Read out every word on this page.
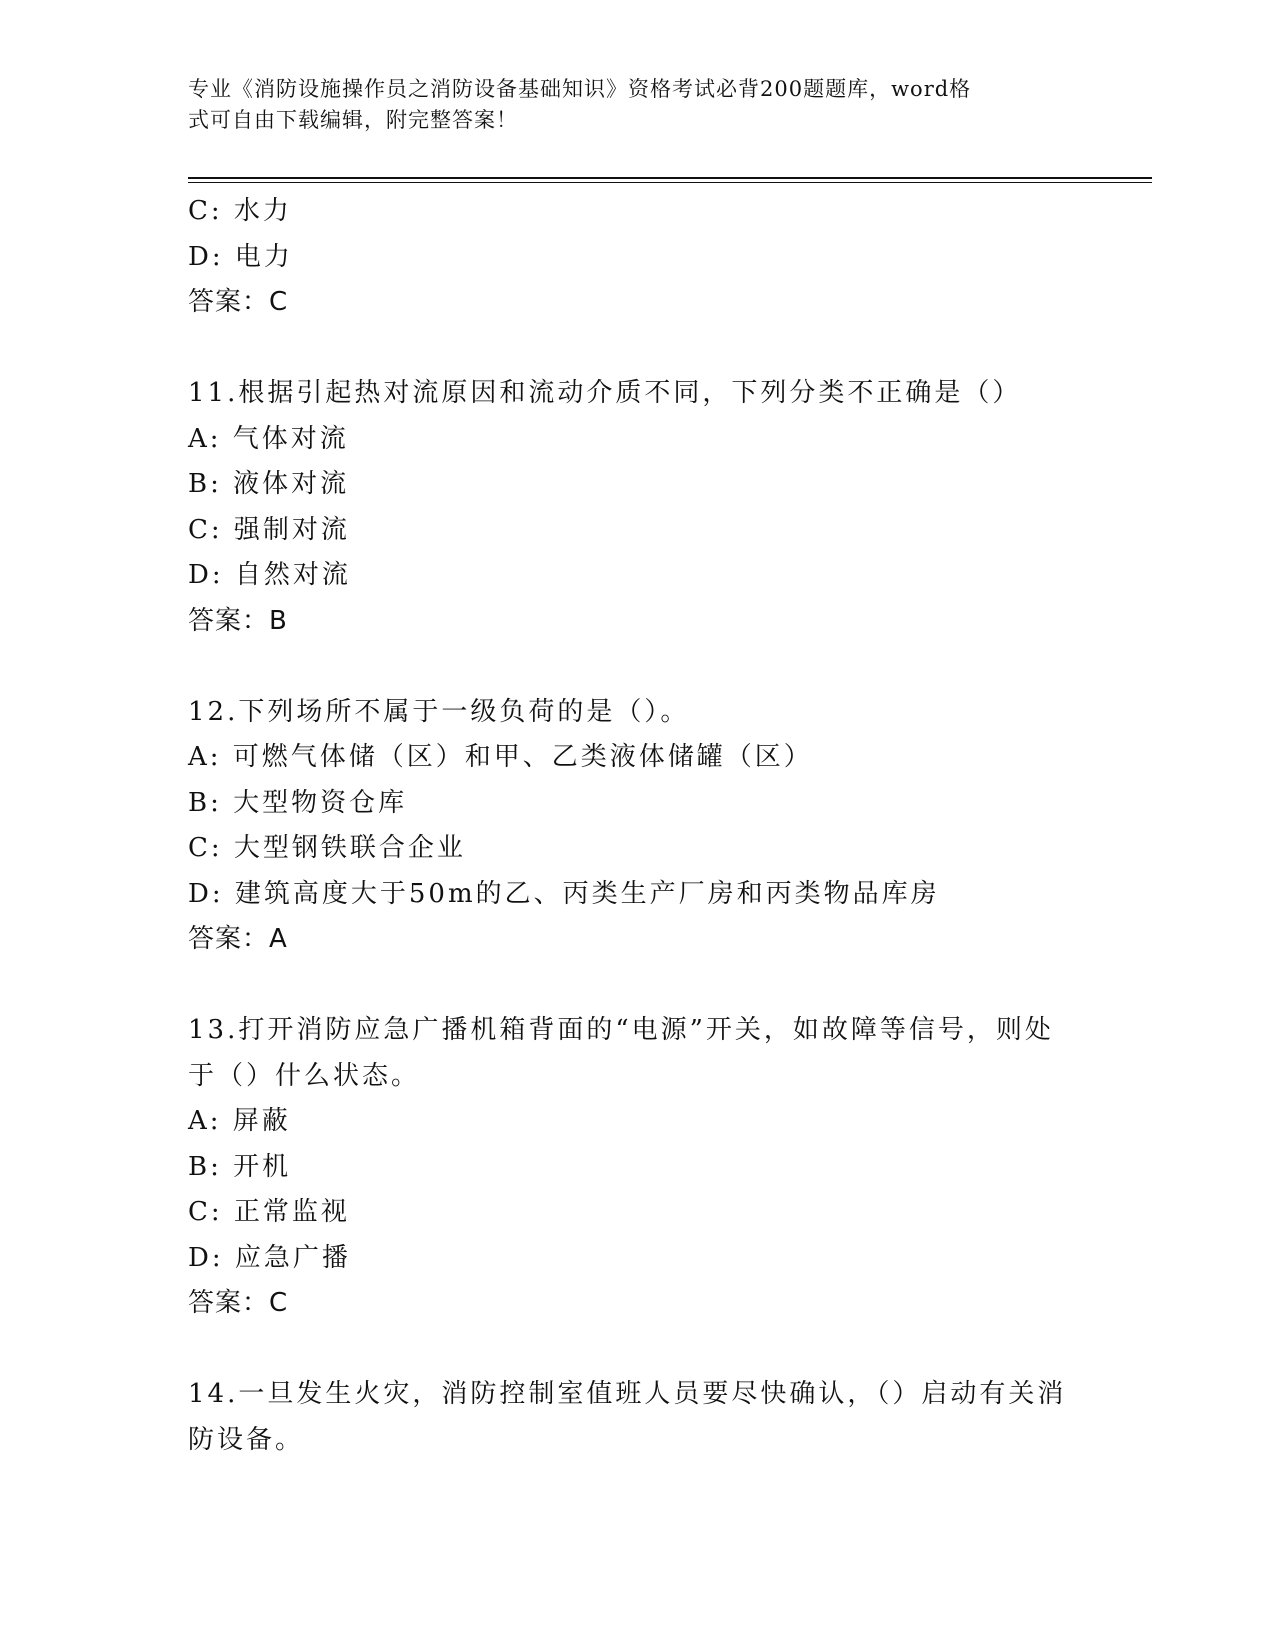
专业《消防设施操作员之消防设备基础知识》资格考试必背200题题库，word格
式可自由下载编辑，附完整答案！
C: 水力
D: 电力
答案：C
11.根据引起热对流原因和流动介质不同，下列分类不正确是（）
A: 气体对流
B: 液体对流
C: 强制对流
D: 自然对流
答案：B
12.下列场所不属于一级负荷的是（）。
A: 可燃气体储（区）和甲、乙类液体储罐（区）
B: 大型物资仓库
C: 大型钢铁联合企业
D: 建筑高度大于50m的乙、丙类生产厂房和丙类物品库房
答案：A
13.打开消防应急广播机箱背面的“电源”开关，如故障等信号，则处
于（）什么状态。
A: 屏蔽
B: 开机
C: 正常监视
D: 应急广播
答案：C
14.一旦发生火灾，消防控制室值班人员要尽快确认，（）启动有关消
防设备。
